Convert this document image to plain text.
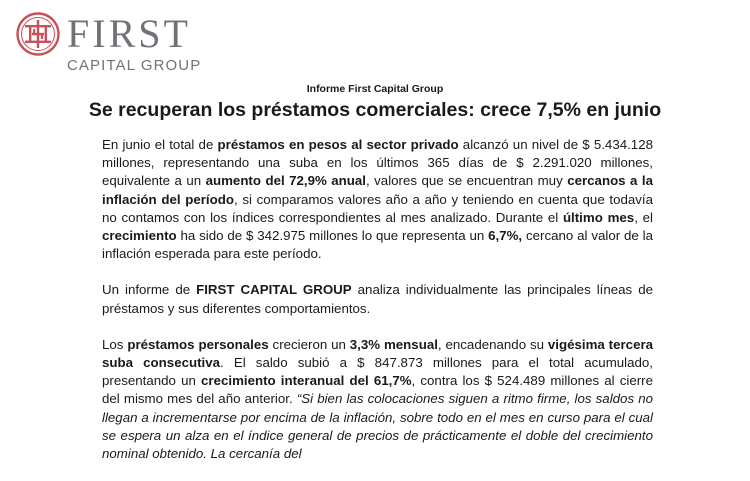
FIRST
CAPITAL GROUP
Informe First Capital Group
Se recuperan los préstamos comerciales: crece 7,5% en junio

En junio el total de préstamos en pesos al sector privado alcanzó un nivel de $ 5.434.128 millones, representando una suba en los últimos 365 días de $ 2.291.020 millones, equivalente a un aumento del 72,9% anual, valores que se encuentran muy cercanos a la inflación del período, si comparamos valores año a año y teniendo en cuenta que todavía no contamos con los índices correspondientes al mes analizado. Durante el último mes, el crecimiento ha sido de $ 342.975 millones lo que representa un 6,7%, cercano al valor de la inflación esperada para este período.

Un informe de FIRST CAPITAL GROUP analiza individualmente las principales líneas de préstamos y sus diferentes comportamientos.

Los préstamos personales crecieron un 3,3% mensual, encadenando su vigésima tercera suba consecutiva. El saldo subió a $ 847.873 millones para el total acumulado, presentando un crecimiento interanual del 61,7%, contra los $ 524.489 millones al cierre del mismo mes del año anterior. “Si bien las colocaciones siguen a ritmo firme, los saldos no llegan a incrementarse por encima de la inflación, sobre todo en el mes en curso para el cual se espera un alza en el índice general de precios de prácticamente el doble del crecimiento nominal obtenido. La cercanía del
